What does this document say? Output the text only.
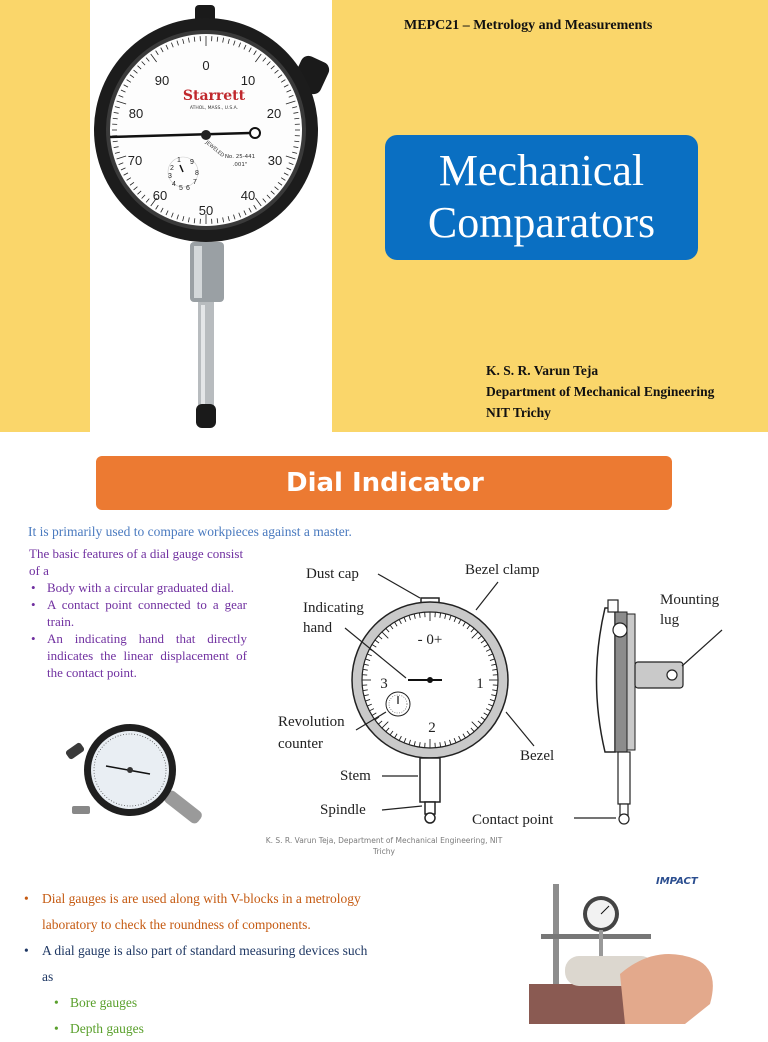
0
10
20
30
40
50
60
70
80
90
Starrett
ATHOL, MASS., U.S.A.
JEWELED No. 25-441
.001"
1
2
3
4
5 6
7
8
9
MEPC21 – Metrology and Measurements
Mechanical
Comparators
K. S. R. Varun Teja
Department of Mechanical Engineering
NIT Trichy
Dial Indicator
It is primarily used to compare workpieces against a master.
The basic features of a dial gauge consist of a
• Body with a circular graduated dial.
• A contact point connected to a gear train.
• An indicating hand that directly indicates the linear displacement of the contact point.
- 0+
3	1
2
Dust cap	Bezel clamp
Indicating
hand
Mounting
lug
Revolution
counter
Bezel
Stem
Spindle
Contact point
K. S. R. Varun Teja, Department of Mechanical Engineering, NIT
Trichy
• Dial gauges is are used along with V-blocks in a metrology
laboratory to check the roundness of components.
• A dial gauge is also part of standard measuring devices such
as
• Bore gauges
• Depth gauges
IMPACT
